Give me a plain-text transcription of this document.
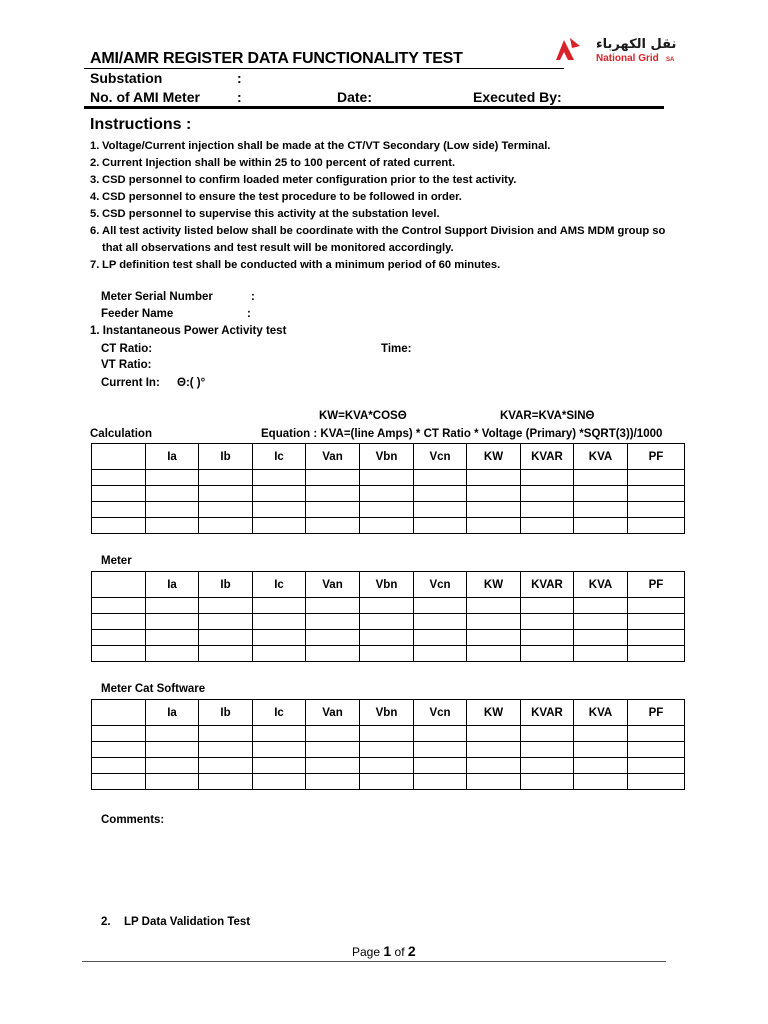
AMI/AMR REGISTER DATA FUNCTIONALITY TEST
نقل الكهرباء
National Grid SA
Substation	:
No. of AMI Meter	:	Date:	Executed By:
Instructions :
1. Voltage/Current injection shall be made at the CT/VT Secondary (Low side) Terminal.
2. Current Injection shall be within 25 to 100 percent of rated current.
3. CSD personnel to confirm loaded meter configuration prior to the test activity.
4. CSD personnel to ensure the test procedure to be followed in order.
5. CSD personnel to supervise this activity at the substation level.
6. All test activity listed below shall be coordinate with the Control Support Division and AMS MDM group so that all observations and test result will be monitored accordingly.
7. LP definition test shall be conducted with a minimum period of 60 minutes.
Meter Serial Number	:
Feeder Name	:
1. Instantaneous Power Activity test
CT Ratio:	Time:
VT Ratio:
Current In: Θ:( )°
KW=KVA*COSΘ	KVAR=KVA*SINΘ
Calculation	Equation : KVA=(line Amps) * CT Ratio * Voltage (Primary) *SQRT(3))/1000
	Ia	Ib	Ic	Van	Vbn	Vcn	KW	KVAR	KVA	PF

Meter
	Ia	Ib	Ic	Van	Vbn	Vcn	KW	KVAR	KVA	PF

Meter Cat Software
	Ia	Ib	Ic	Van	Vbn	Vcn	KW	KVAR	KVA	PF

Comments:
2. LP Data Validation Test
Page 1 of 2
